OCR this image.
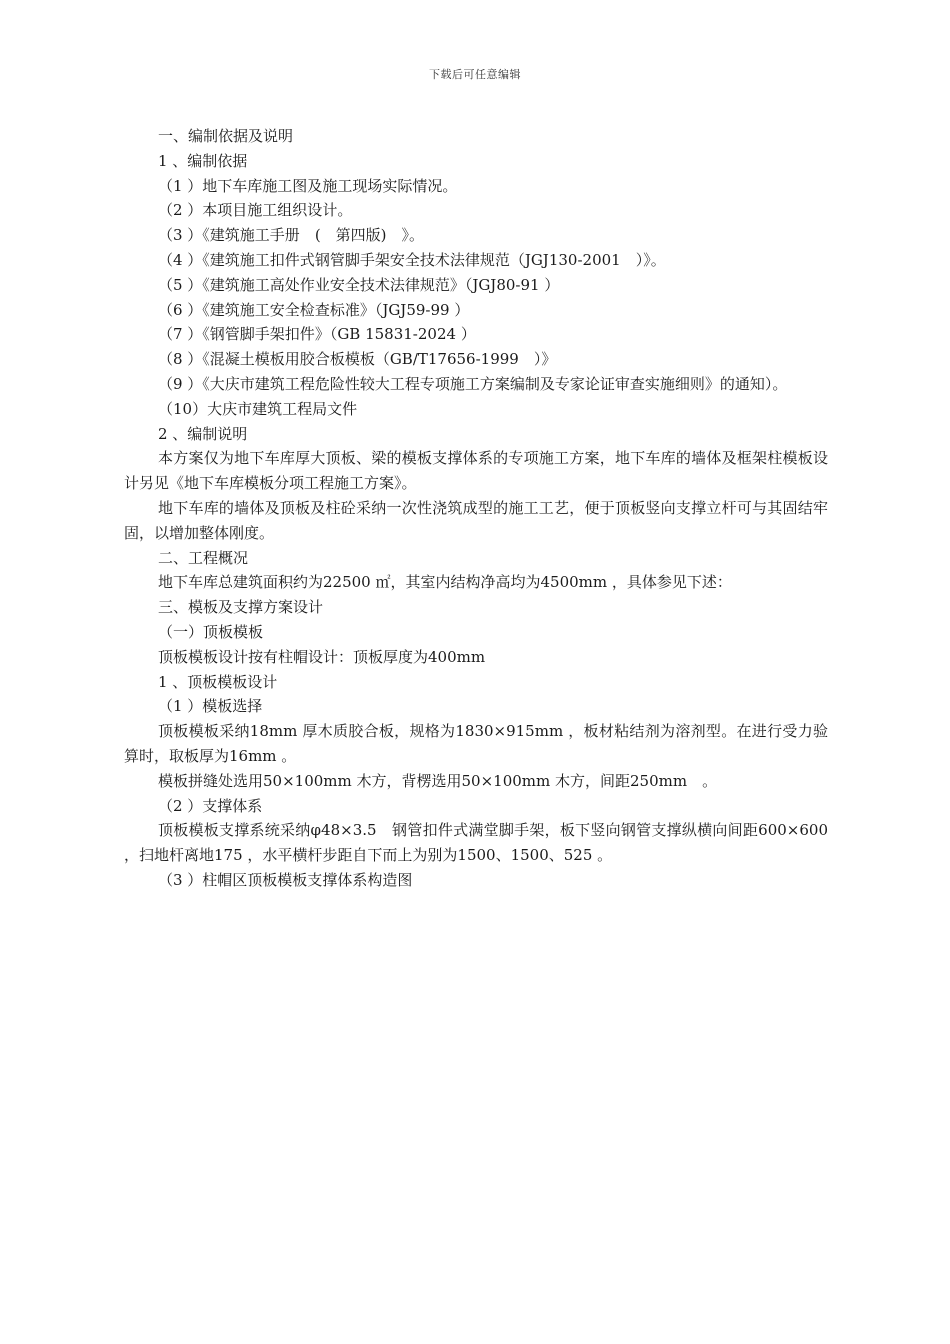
下载后可任意编辑

一、编制依据及说明

1 、编制依据

（1 ）地下车库施工图及施工现场实际情况。

（2 ）本项目施工组织设计。

（3 ）《建筑施工手册　(　第四版)　》。

（4 ）《建筑施工扣件式钢管脚手架安全技术法律规范（JGJ130-2001　）》。

（5 ）《建筑施工高处作业安全技术法律规范》（JGJ80-91 ）

（6 ）《建筑施工安全检查标准》（JGJ59-99 ）

（7 ）《钢管脚手架扣件》（GB 15831-2024 ）

（8 ）《混凝土模板用胶合板模板（GB/T17656-1999　）》

（9 ）《大庆市建筑工程危险性较大工程专项施工方案编制及专家论证审查实施细则》的通知）。

（10）大庆市建筑工程局文件

2 、编制说明

本方案仅为地下车库厚大顶板、梁的模板支撑体系的专项施工方案，地下车库的墙体及框架柱模板设计另见《地下车库模板分项工程施工方案》。

地下车库的墙体及顶板及柱砼采纳一次性浇筑成型的施工工艺，便于顶板竖向支撑立杆可与其固结牢固，以增加整体刚度。

二、工程概况

地下车库总建筑面积约为22500 ㎡，其室内结构净高均为4500mm ，具体参见下述：

三、模板及支撑方案设计

（一）顶板模板

顶板模板设计按有柱帽设计：顶板厚度为400mm

1 、顶板模板设计

（1 ）模板选择

顶板模板采纳18mm 厚木质胶合板，规格为1830×915mm ，板材粘结剂为溶剂型。在进行受力验算时，取板厚为16mm 。

模板拼缝处选用50×100mm 木方，背楞选用50×100mm 木方，间距250mm　。

（2 ）支撑体系

顶板模板支撑系统采纳φ48×3.5　钢管扣件式满堂脚手架，板下竖向钢管支撑纵横向间距600×600 ，扫地杆离地175 ，水平横杆步距自下而上为别为1500、1500、525 。

（3 ）柱帽区顶板模板支撑体系构造图
